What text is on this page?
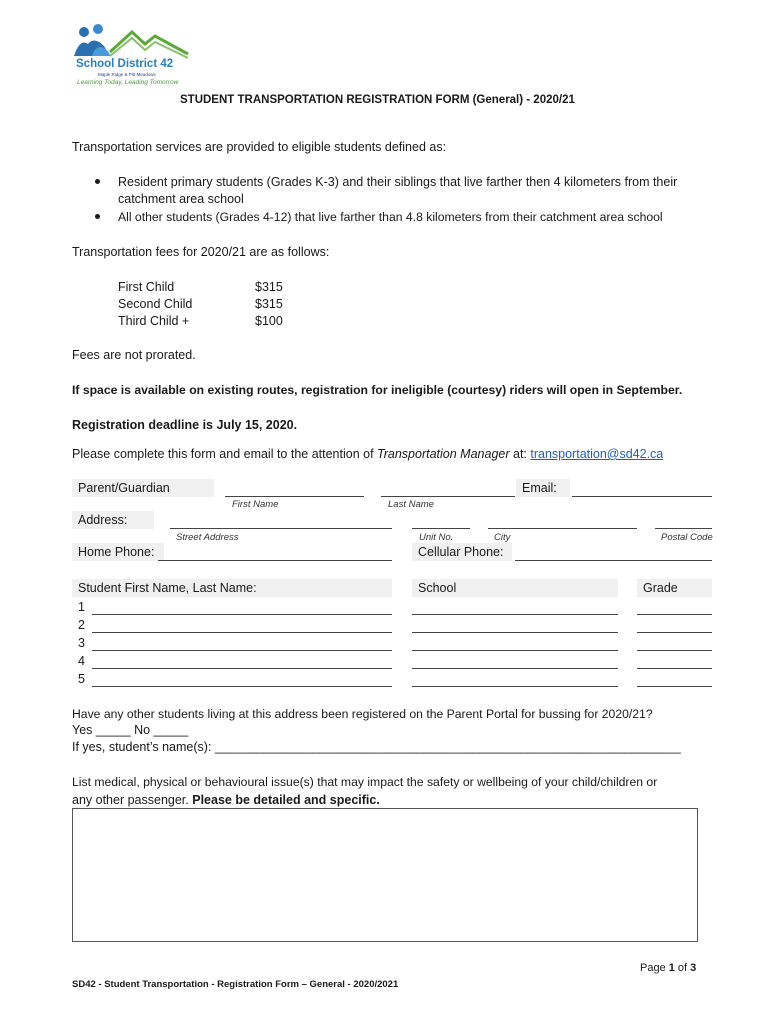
School District 42
Maple Ridge & Pitt Meadows
Learning Today, Leading Tomorrow
STUDENT TRANSPORTATION REGISTRATION FORM (General) - 2020/21
Transportation services are provided to eligible students defined as:
Resident primary students (Grades K-3) and their siblings that live farther then 4 kilometers from their
catchment area school
All other students (Grades 4-12) that live farther than 4.8 kilometers from their catchment area school
Transportation fees for 2020/21 are as follows:
First Child	$315
Second Child	$315
Third Child +	$100
Fees are not prorated.
If space is available on existing routes, registration for ineligible (courtesy) riders will open in September.
Registration deadline is July 15, 2020.
Please complete this form and email to the attention of Transportation Manager at: transportation@sd42.ca
Parent/Guardian
First Name	Last Name
Email:
Address:
Street Address	Unit No.	City	Postal Code
Home Phone:	Cellular Phone:
Student First Name, Last Name:	School	Grade
1
2
3
4
5
Have any other students living at this address been registered on the Parent Portal for bussing for 2020/21?
Yes _____ No _____
If yes, student’s name(s): ___________________________________________________________________
List medical, physical or behavioural issue(s) that may impact the safety or wellbeing of your child/children or
any other passenger. Please be detailed and specific.
Page 1 of 3
SD42 - Student Transportation - Registration Form – General - 2020/2021
